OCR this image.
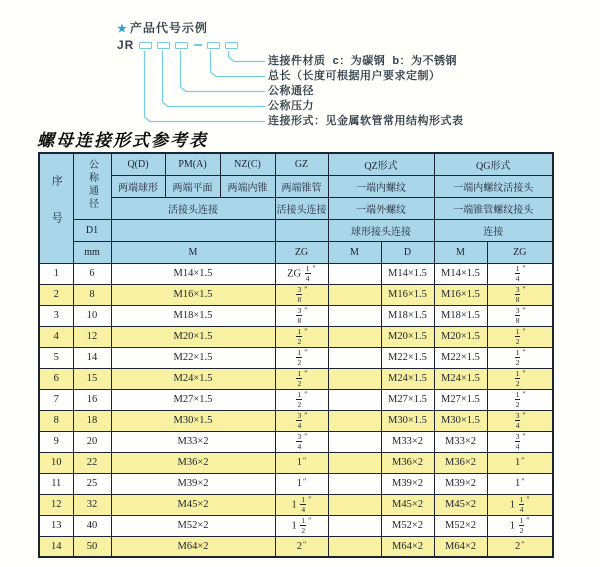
★ 产品代号示例
JR
连接件材质  c：为碳钢  b：为不锈钢
总长（长度可根据用户要求定制）
公称通径
公称压力
连接形式：见金属软管常用结构形式表
螺母连接形式参考表
序号	公称通径	Q(D)	PM(A)	NZ(C)	GZ	QZ形式		QG形式	
		两端球形	两端平面	两端内锥	两端锥管	一端内螺纹		一端内螺纹活接头	
		活接头连接			活接头连接	一端外螺纹		一端锥管螺纹接头	
	D1					球形接头连接		连接	
	mm	M			ZG	M	D	M	ZG
1	6	M14×1.5			ZG $\frac{1}{4} ''$		M14×1.5	M14×1.5	$\frac{1}{4} ''$
2	8	M16×1.5			$\frac{3}{8} ''$		M16×1.5	M16×1.5	$\frac{3}{8} ''$
3	10	M18×1.5			$\frac{3}{8} ''$		M18×1.5	M18×1.5	$\frac{3}{8} ''$
4	12	M20×1.5			$\frac{1}{2} ''$		M20×1.5	M20×1.5	$\frac{1}{2} ''$
5	14	M22×1.5			$\frac{1}{2} ''$		M22×1.5	M22×1.5	$\frac{1}{2} ''$
6	15	M24×1.5			$\frac{1}{2} ''$		M24×1.5	M24×1.5	$\frac{1}{2} ''$
7	16	M27×1.5			$\frac{1}{2} ''$		M27×1.5	M27×1.5	$\frac{1}{2} ''$
8	18	M30×1.5			$\frac{3}{4} ''$		M30×1.5	M30×1.5	$\frac{3}{4} ''$
9	20	M33×2			$\frac{3}{4} ''$		M33×2	M33×2	$\frac{3}{4} ''$
10	22	M36×2			1″		M36×2	M36×2	1″
11	25	M39×2			1″		M39×2	M39×2	1″
12	32	M45×2			$1 \frac{1}{4} ''$		M45×2	M45×2	$1 \frac{1}{4} ''$
13	40	M52×2			$1 \frac{1}{2} ''$		M52×2	M52×2	$1 \frac{1}{2} ''$
14	50	M64×2			2″		M64×2	M64×2	2″
